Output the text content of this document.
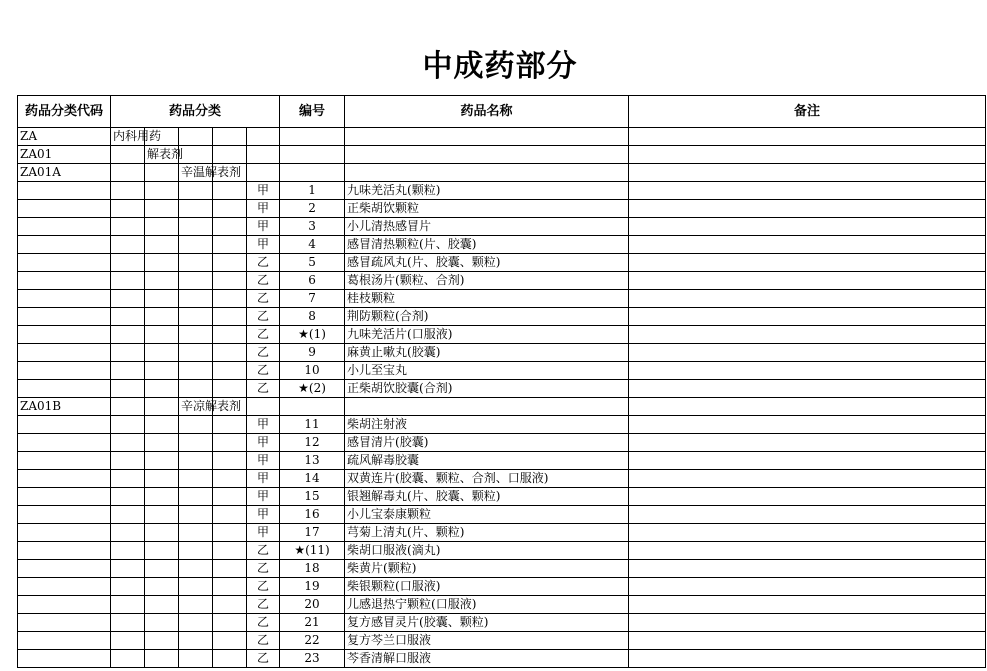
中成药部分
药品分类代码	药品分类					编号	药品名称	备注
ZA	内科用药							
ZA01		解表剂						
ZA01A			辛温解表剂					
					甲	1	九味羌活丸(颗粒)	
					甲	2	正柴胡饮颗粒	
					甲	3	小儿清热感冒片	
					甲	4	感冒清热颗粒(片、胶囊)	
					乙	5	感冒疏风丸(片、胶囊、颗粒)	
					乙	6	葛根汤片(颗粒、合剂)	
					乙	7	桂枝颗粒	
					乙	8	荆防颗粒(合剂)	
					乙	★(1)	九味羌活片(口服液)	
					乙	9	麻黄止嗽丸(胶囊)	
					乙	10	小儿至宝丸	
					乙	★(2)	正柴胡饮胶囊(合剂)	
ZA01B			辛凉解表剂					
					甲	11	柴胡注射液	
					甲	12	感冒清片(胶囊)	
					甲	13	疏风解毒胶囊	
					甲	14	双黄连片(胶囊、颗粒、合剂、口服液)	
					甲	15	银翘解毒丸(片、胶囊、颗粒)	
					甲	16	小儿宝泰康颗粒	
					甲	17	芎菊上清丸(片、颗粒)	
					乙	★(11)	柴胡口服液(滴丸)	
					乙	18	柴黄片(颗粒)	
					乙	19	柴银颗粒(口服液)	
					乙	20	儿感退热宁颗粒(口服液)	
					乙	21	复方感冒灵片(胶囊、颗粒)	
					乙	22	复方芩兰口服液	
					乙	23	芩香清解口服液	
